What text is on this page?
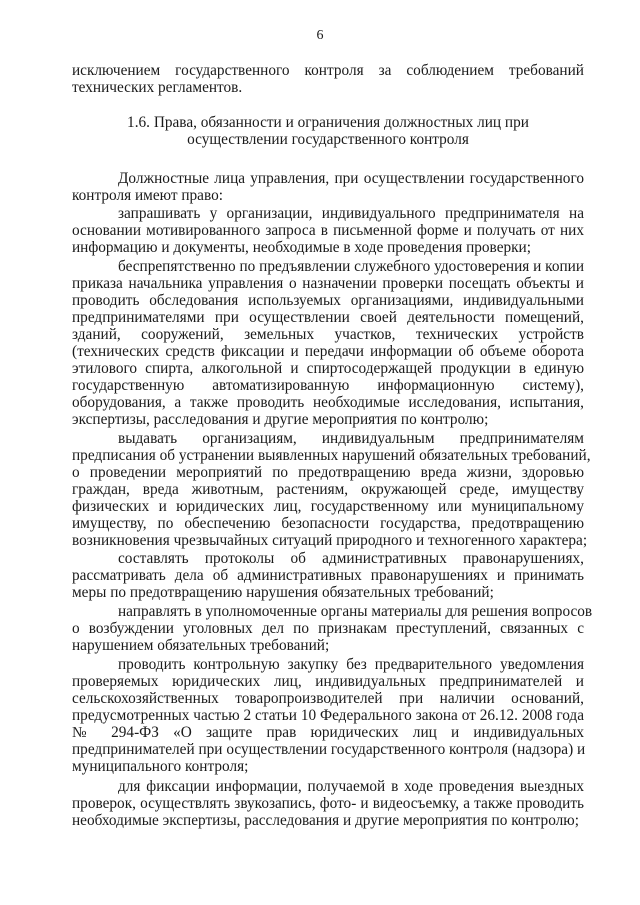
6
исключением государственного контроля за соблюдением требований
технических регламентов.
1.6. Права, обязанности и ограничения должностных лиц при
осуществлении государственного контроля
Должностные лица управления, при осуществлении государственного
контроля имеют право:
запрашивать у организации, индивидуального предпринимателя на
основании мотивированного запроса в письменной форме и получать от них
информацию и документы, необходимые в ходе проведения проверки;
беспрепятственно по предъявлении служебного удостоверения и копии
приказа начальника управления о назначении проверки посещать объекты и
проводить обследования используемых организациями, индивидуальными
предпринимателями при осуществлении своей деятельности помещений,
зданий, сооружений, земельных участков, технических устройств
(технических средств фиксации и передачи информации об объеме оборота
этилового спирта, алкогольной и спиртосодержащей продукции в единую
государственную автоматизированную информационную систему),
оборудования, а также проводить необходимые исследования, испытания,
экспертизы, расследования и другие мероприятия по контролю;
выдавать организациям, индивидуальным предпринимателям
предписания об устранении выявленных нарушений обязательных требований,
о проведении мероприятий по предотвращению вреда жизни, здоровью
граждан, вреда животным, растениям, окружающей среде, имуществу
физических и юридических лиц, государственному или муниципальному
имуществу, по обеспечению безопасности государства, предотвращению
возникновения чрезвычайных ситуаций природного и техногенного характера;
составлять протоколы об административных правонарушениях,
рассматривать дела об административных правонарушениях и принимать
меры по предотвращению нарушения обязательных требований;
направлять в уполномоченные органы материалы для решения вопросов
о возбуждении уголовных дел по признакам преступлений, связанных с
нарушением обязательных требований;
проводить контрольную закупку без предварительного уведомления
проверяемых юридических лиц, индивидуальных предпринимателей и
сельскохозяйственных товаропроизводителей при наличии оснований,
предусмотренных частью 2 статьи 10 Федерального закона от 26.12. 2008 года
№ 294-ФЗ «О защите прав юридических лиц и индивидуальных
предпринимателей при осуществлении государственного контроля (надзора) и
муниципального контроля;
для фиксации информации, получаемой в ходе проведения выездных
проверок, осуществлять звукозапись, фото- и видеосъемку, а также проводить
необходимые экспертизы, расследования и другие мероприятия по контролю;
